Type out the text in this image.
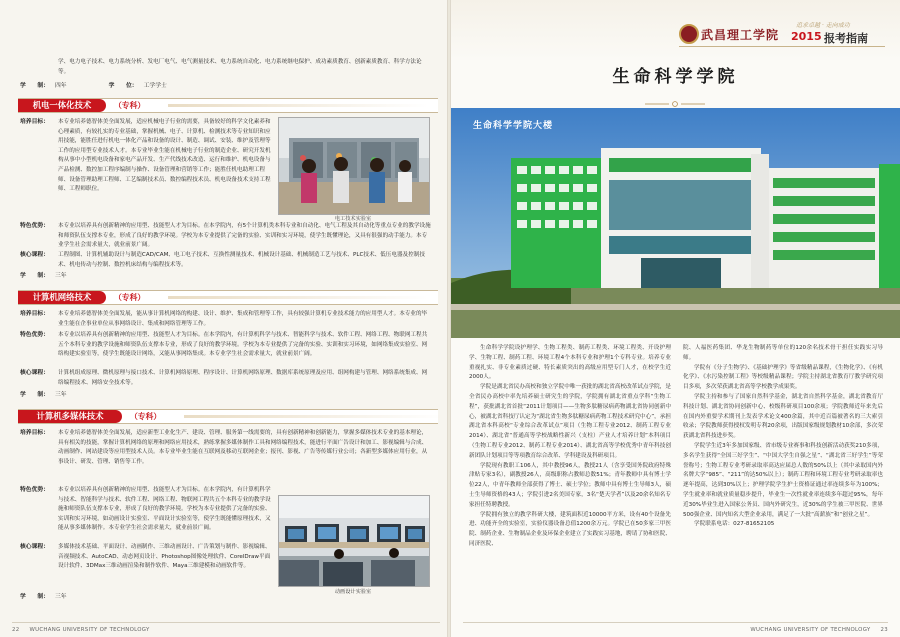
学、电力电子技术、电力系统分析、发电厂电气、电气测量技术、电力系统自动化、电力系统继电保护、成功素质教育、创新素质教育、科学方法论等。
学　　制： 四年	学　　位： 工学学士
机电一体化技术	（专科）
培养目标：	本专业培养德智体美全面发展，适应机械电子行业的需要，具备较好的科学文化素养和心理素质，有较扎实的专业基础，掌握机械、电子、计算机、检测技术等专业知识和应用技能，能胜任进行机电一体化产品和设备的设计、制造、调试、安装、维护及管理等工作的应用型专业技术人才。本专业毕业生能在机械电子行业的制造企业、研究开发机构从事中小型机电设备和家电产品开发、生产代线技术改造、运行和维护、机电设备与产品检测、数控加工程序编制与操作、设备管理和营销等工作；能胜任机电助理工程师、设备管理助理工程师、工艺编制技术员、数控编程技术员、机电设备技术支持工程师、工程师职位。
电工技术实验室
特色优势：	本专业以培养具有创新精神的应用型、技能型人才为目标。在本学院内，有5个计算机类本科专业和自动化、电气工程及其自动化等重点专业的教学设施和师资队伍支撑本专业，形成了良好的教学环境。学校为本专业提供了完备的实验、实训和实习环境，使学生既懂理论，又具有很强的动手能力。本专业学生社会需求量大，就业前景广阔。
核心课程：	工程制图、计算机辅助设计与制造CAD/CAM、电工电子技术、互换性测量技术、机械设计基础、机械制造工艺与技术、PLC技术、低压电器及控制技术、机电传动与控制、数控机床结构与编程技术等。
学　　制： 三年
计算机网络技术	（专科）
培养目标：	本专业培养德智体美全面发展，能从事计算机网络的构建、设计、维护、集成和管理等工作，具有较强计算机专业技术能力的应用型人才。本专业的毕业生能在企事业单位从事网络设计、集成和网络管理等工作。
特色优势：	本专业以培养具有创新精神的应用型、技能型人才为目标。在本学院内，有计算机科学与技术、智能科学与技术、软件工程、网络工程、物联网工程共五个本科专业的教学设施和师资队伍支撑本专业，形成了良好的教学环境。学校为本专业提供了完备的实验、实训和实习环境，如网络集成实验室、网络构建实验室等，使学生既能设计网络，又能从事网络集成。本专业学生社会需求量大，就业前景广阔。
核心课程：	计算机组成原理、微机原理与接口技术、计算机网络原理、程序设计、计算机网络原理、数据库系统原理及应用、组网构建与管理、网络系统集成、网络编程技术、网络安全技术等。
学　　制： 三年
计算机多媒体技术	（专科）
培养目标：	本专业培养德智体美全面发展，适应新型工业化生产、建设、管理、服务第一线需要的，具有创新精神和创新能力，掌握多媒体技术专业的基本理论，具有相关的技能，掌握计算机网络的原理和网络应用技术，熟练掌握多媒体制作工具和网络编程技术，能进行平面广告设计和加工、影视编辑与合成、动画制作、网站建设等应用型技术人员。本专业毕业生能在互联网及移动互联网企业；报刊、影视、广告等传媒行业公司；各新型多媒体应用行业，从事设计、研发、管理、销售等工作。
特色优势：	本专业以培养具有创新精神的应用型、技能型人才为目标。在本学院内，有计算机科学与技术、智能科学与技术、软件工程、网络工程、物联网工程共五个本科专业的教学设施和师资队伍支撑本专业，形成了良好的教学环境。学校为本专业提供了完备的实验、实训和实习环境，如动画设计实验室、平面设计实验室等，使学生既能懂原理技术，又能从事多媒体制作。本专业学生社会需求量大，就业前景广阔。
核心课程：	多媒体技术基础、平面设计、动画制作、三维动画设计、广告策划与制作、影视编辑、音视频技术、AutoCAD、动态网页设计、Photoshop图像处理软件、CorelDraw平面设计软件、3DMax三维动画渲染和制作软件、Maya三维建模和动画软件等。
学　　制： 三年
动画设计实验室
22 WUCHANG UNIVERSITY OF TECHNOLOGY
武昌理工学院
追求卓越 · 走向成功
2015 报考指南
生命科学学院
生命科学学院大楼
生命科学学院设护理学、生物工程类、制药工程类、环境工程类、开设护理学、生物工程、制药工程、环境工程4个本科专业和护理1个专科专业。培养专业重视扎实、非专业素质过硬、特长素质突出的高级应用型专门人才，在校学生近2000人。
学院是湖北省民办高校和独立学院中唯一获批的湖北省高校改革试点学院，是全省民办高校中率先培养硕士研究生的学院，学院拥有湖北省重点学科“生物工程”，获批湖北省首批“2011计划项目——生物多肽糖尿病药物湖北省协同创新中心，被湖北省科技厅认定为“湖北省生物多肽糖尿病药物工程技术研究中心”，承担湖北省本科高校“专业综合改革试点”项目（生物工程专业2012、制药工程专业2014）、湖北省“普通高等学校战略性新兴（支柱）产业人才培养计划”本科项目（生物工程专业2012、制药工程专业2014）、湖北省高等学校优秀中青年科技创新团队计划项目等等项教育综合改革、学科建设及科研项目。
学院现有教职工106人，其中教授96人，教授21人（含享受国务院政府特殊津贴专家3名），副教授26人，高级职称占教师总数51%；青年教师中具有博士学位22人，中青年教师全部获得了博士、硕士学位；教师中具有博士生导师3人，硕士生导师资格的43人；学院引进2名美国专家，3名“楚天学者”以及20余名知名专家担任特聘教授。
学院拥有独立的教学科研大楼，建筑面积近10000平方米，设有40个设备先进、功能齐全的实验室，实验仪器设备总值1200余万元。学院已在50多家三甲医院、制药企业、生物制品企业及环保企业建立了实践实习基地，聘请了协和医院、同济医院、
院、人福医药集团、华龙生物制药等单位的120余名技术骨干担任实践实习导师。
学院有《分子生物学》、《基础护理学》等省级精品课程，《生物化学》、《有机化学》、《水污染控制工程》等校级精品课程；学院主持湖北省教育厅教学研究项目多项，多次荣获湖北省高等学校教学成果奖。
学院主持和参与了国家自然科学基金，湖北省自然科学基金，湖北省教育厅科技计划、湖北省协同创新中心、校级科研项目100余项；学院教师近年来先后在国内外重要学术期刊上发表学术论文400余篇，其中近百篇被著名的三大索引收录；学院教师获得授权发明专利20余项，出版国家级规划教材10余部，多次荣获湖北省科技进步奖。
学院学生近3年多加国家级、省市级专业赛事和科技创新活动获奖210多项，多名学生获得“全国三好学生”、“中国大学生自强之星”、“湖北省三好学生”等荣誉称号；生物工程专业考研录取率高达应届总人数的50%以上（其中录取国内外名牌大学“985”、“211”的达50%以上）；制药工程和环境工程专业考研录取率也逐年提高，达到30%以上；护理学院学生护士资格证通过率连续多年为100%；学生就业率和就业质量稳步提升，毕业生一次性就业率连续多年超过95%，每年近30%毕业生进入国家公务员、国内外研究生，近30%的学生被三甲医院、世界500强企业、国内知名大型企业录用，满足了一大批“高薪族”和“创业之星”。
学院联系电话：027-81652105
WUCHANG UNIVERSITY OF TECHNOLOGY 23
